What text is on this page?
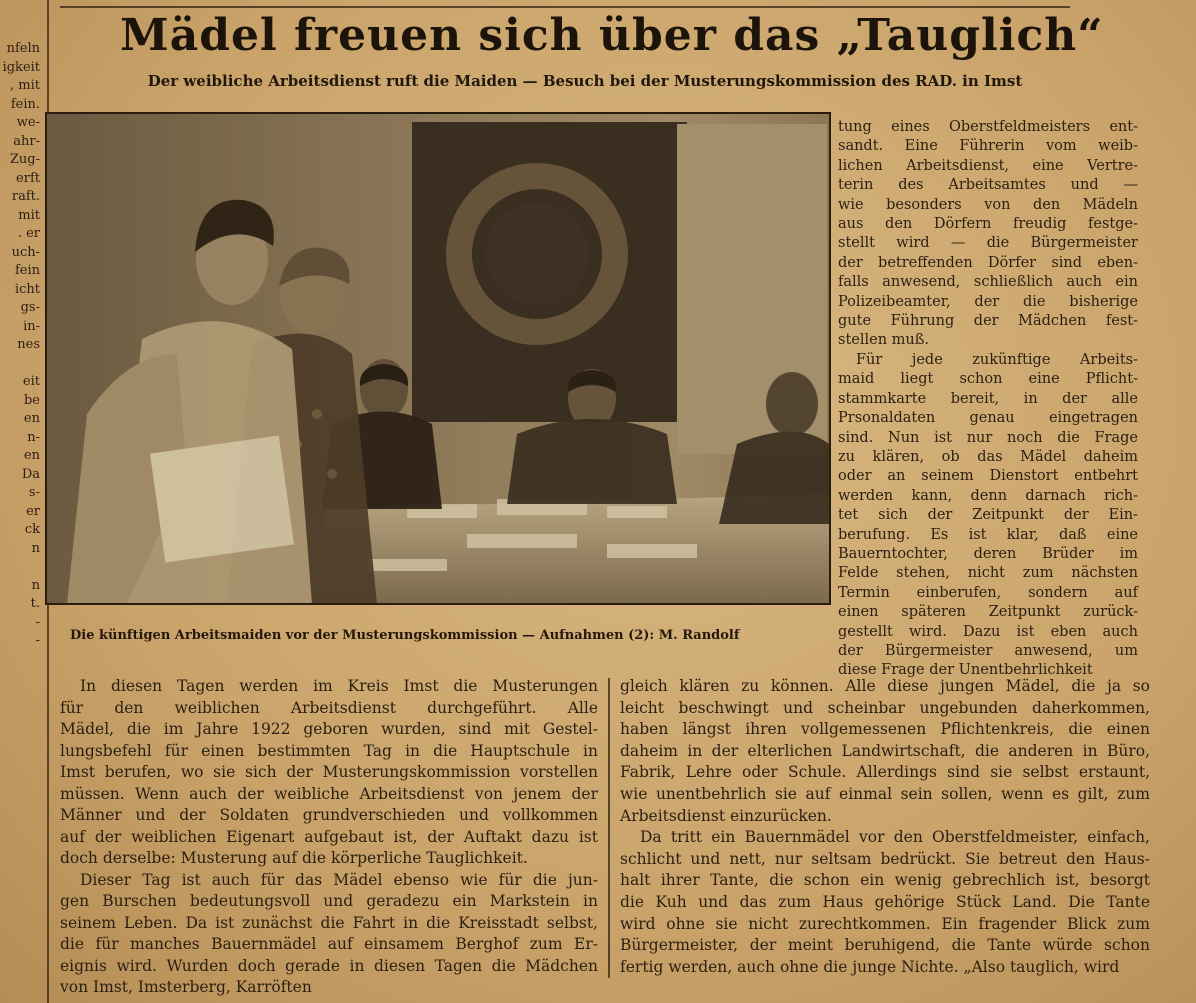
nfeln
igkeit
, mit
fein.
we-
ahr-
Zug-
erft
raft.
mit
. er
uch-
fein
icht
gs-
in-
nes
eit
be
en
n-
en
Da
s-
er
ck
n
n
t.
-
-
Mädel freuen sich über das „Tauglich“
Der weibliche Arbeitsdienst ruft die Maiden — Besuch bei der Musterungskommission des RAD. in Imst
Die künftigen Arbeitsmaiden vor der Musterungskommission — Aufnahmen (2): M. Randolf
tung eines Oberstfeldmeisters ent-
sandt. Eine Führerin vom weib-
lichen Arbeitsdienst, eine Vertre-
terin des Arbeitsamtes und —
wie besonders von den Mädeln
aus den Dörfern freudig festge-
stellt wird — die Bürgermeister
der betreffenden Dörfer sind eben-
falls anwesend, schließlich auch ein
Polizeibeamter, der die bisherige
gute Führung der Mädchen fest-
stellen muß.
Für jede zukünftige Arbeits-
maid liegt schon eine Pflicht-
stammkarte bereit, in der alle
Prsonaldaten genau eingetragen
sind. Nun ist nur noch die Frage
zu klären, ob das Mädel daheim
oder an seinem Dienstort entbehrt
werden kann, denn darnach rich-
tet sich der Zeitpunkt der Ein-
berufung. Es ist klar, daß eine
Bauerntochter, deren Brüder im
Felde stehen, nicht zum nächsten
Termin einberufen, sondern auf
einen späteren Zeitpunkt zurück-
gestellt wird. Dazu ist eben auch
der Bürgermeister anwesend, um
diese Frage der Unentbehrlichkeit
In diesen Tagen werden im Kreis Imst die Musterungen
für den weiblichen Arbeitsdienst durchgeführt. Alle
Mädel, die im Jahre 1922 geboren wurden, sind mit Gestel-
lungsbefehl für einen bestimmten Tag in die Hauptschule in
Imst berufen, wo sie sich der Musterungskommission vorstellen
müssen. Wenn auch der weibliche Arbeitsdienst von jenem der
Männer und der Soldaten grundverschieden und vollkommen
auf der weiblichen Eigenart aufgebaut ist, der Auftakt dazu ist
doch derselbe: Musterung auf die körperliche Tauglichkeit.
Dieser Tag ist auch für das Mädel ebenso wie für die jun-
gen Burschen bedeutungsvoll und geradezu ein Markstein in
seinem Leben. Da ist zunächst die Fahrt in die Kreisstadt selbst,
die für manches Bauernmädel auf einsamem Berghof zum Er-
eignis wird. Wurden doch gerade in diesen Tagen die Mädchen
von Imst, Imsterberg, Karröften
gleich klären zu können. Alle diese jungen Mädel, die ja so
leicht beschwingt und scheinbar ungebunden daherkommen,
haben längst ihren vollgemessenen Pflichtenkreis, die einen
daheim in der elterlichen Landwirtschaft, die anderen in Büro,
Fabrik, Lehre oder Schule. Allerdings sind sie selbst erstaunt,
wie unentbehrlich sie auf einmal sein sollen, wenn es gilt, zum
Arbeitsdienst einzurücken.
Da tritt ein Bauernmädel vor den Oberstfeldmeister, einfach,
schlicht und nett, nur seltsam bedrückt. Sie betreut den Haus-
halt ihrer Tante, die schon ein wenig gebrechlich ist, besorgt
die Kuh und das zum Haus gehörige Stück Land. Die Tante
wird ohne sie nicht zurechtkommen. Ein fragender Blick zum
Bürgermeister, der meint beruhigend, die Tante würde schon
fertig werden, auch ohne die junge Nichte. „Also tauglich, wird
